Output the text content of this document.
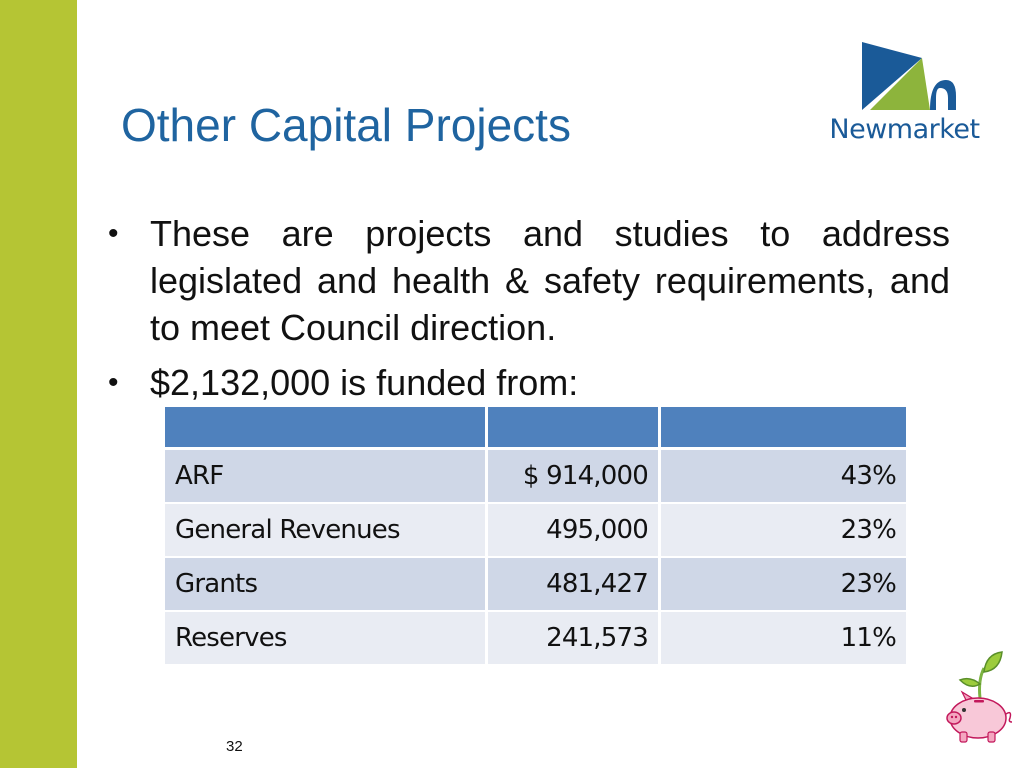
Other Capital Projects	Newmarket
• These are projects and studies to address legislated and health & safety requirements, and to meet Council direction.
• $2,132,000 is funded from:

ARF	$ 914,000	43%
General Revenues	495,000	23%
Grants	481,427	23%
Reserves	241,573	11%
32
